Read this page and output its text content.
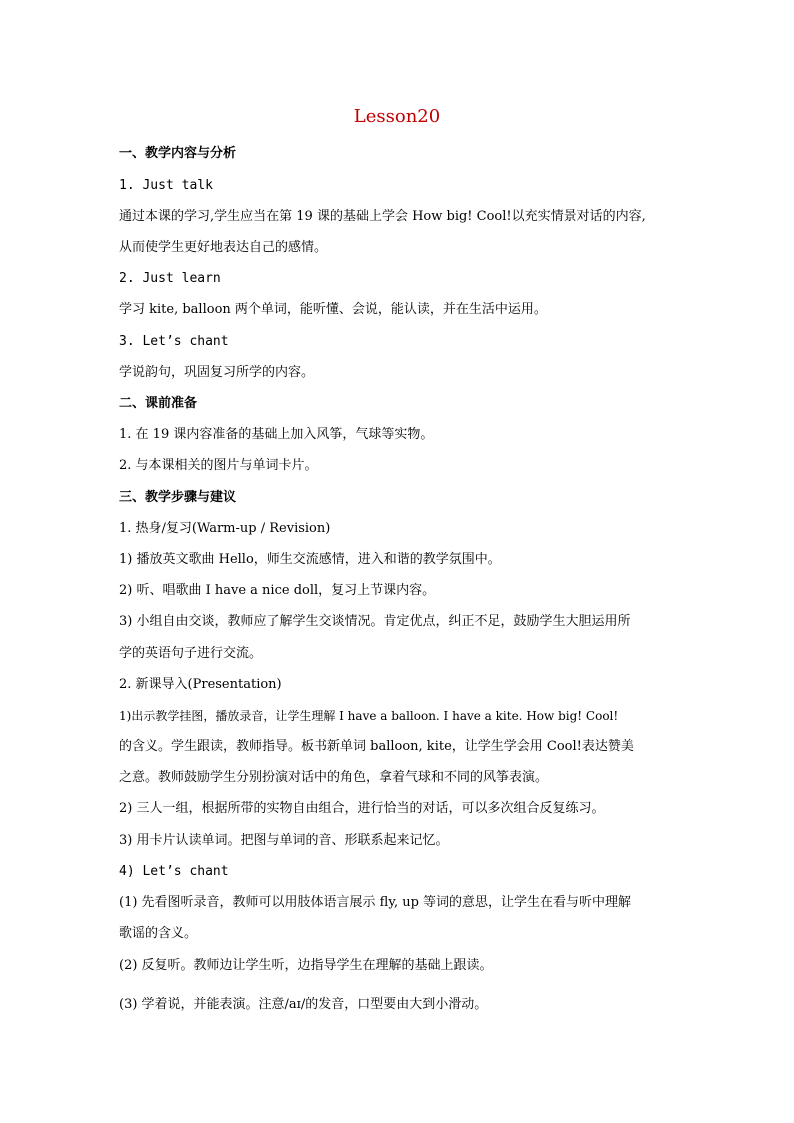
Lesson20
一、教学内容与分析
1. Just talk
通过本课的学习,学生应当在第 19 课的基础上学会 How big! Cool!以充实情景对话的内容,
从而使学生更好地表达自己的感情。
2. Just learn
学习 kite, balloon 两个单词，能听懂、会说，能认读，并在生活中运用。
3. Let’s chant
学说韵句，巩固复习所学的内容。
二、课前准备
1. 在 19 课内容准备的基础上加入风筝，气球等实物。
2. 与本课相关的图片与单词卡片。
三、教学步骤与建议
1. 热身/复习(Warm-up / Revision)
1) 播放英文歌曲 Hello，师生交流感情，进入和谐的教学氛围中。
2) 听、唱歌曲 I have a nice doll，复习上节课内容。
3) 小组自由交谈，教师应了解学生交谈情况。肯定优点，纠正不足，鼓励学生大胆运用所
学的英语句子进行交流。
2. 新课导入(Presentation)
1)出示教学挂图，播放录音，让学生理解 I have a balloon. I have a kite. How big! Cool!
的含义。学生跟读，教师指导。板书新单词 balloon, kite，让学生学会用 Cool!表达赞美
之意。教师鼓励学生分别扮演对话中的角色，拿着气球和不同的风筝表演。
2) 三人一组，根据所带的实物自由组合，进行恰当的对话，可以多次组合反复练习。
3) 用卡片认读单词。把图与单词的音、形联系起来记忆。
4) Let’s chant
(1) 先看图听录音，教师可以用肢体语言展示 fly, up 等词的意思，让学生在看与听中理解
歌谣的含义。
(2) 反复听。教师边让学生听，边指导学生在理解的基础上跟读。
(3) 学着说，并能表演。注意/aɪ/的发音，口型要由大到小滑动。
